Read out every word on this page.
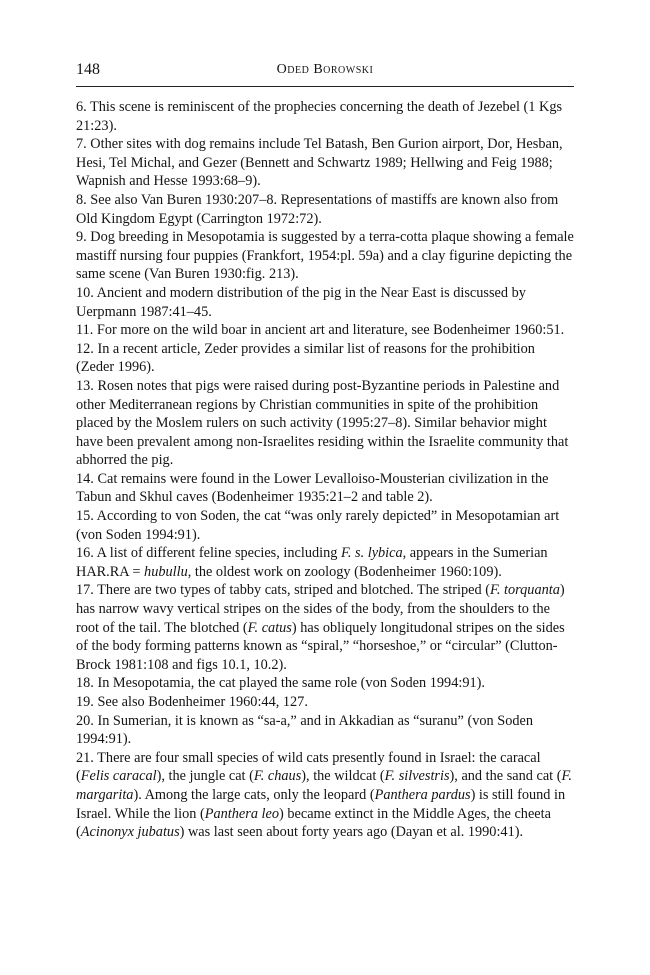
148	Oded Borowski

6. This scene is reminiscent of the prophecies concerning the death of Jezebel (1 Kgs 21:23).

7. Other sites with dog remains include Tel Batash, Ben Gurion airport, Dor, Hesban, Hesi, Tel Michal, and Gezer (Bennett and Schwartz 1989; Hellwing and Feig 1988; Wapnish and Hesse 1993:68–9).

8. See also Van Buren 1930:207–8. Representations of mastiffs are known also from Old Kingdom Egypt (Carrington 1972:72).

9. Dog breeding in Mesopotamia is suggested by a terra-cotta plaque showing a female mastiff nursing four puppies (Frankfort, 1954:pl. 59a) and a clay figurine depicting the same scene (Van Buren 1930:fig. 213).

10. Ancient and modern distribution of the pig in the Near East is discussed by Uerpmann 1987:41–45.

11. For more on the wild boar in ancient art and literature, see Bodenheimer 1960:51.

12. In a recent article, Zeder provides a similar list of reasons for the prohibition (Zeder 1996).

13. Rosen notes that pigs were raised during post-Byzantine periods in Palestine and other Mediterranean regions by Christian communities in spite of the prohibition placed by the Moslem rulers on such activity (1995:27–8). Similar behavior might have been prevalent among non-Israelites residing within the Israelite community that abhorred the pig.

14. Cat remains were found in the Lower Levalloiso-Mousterian civilization in the Tabun and Skhul caves (Bodenheimer 1935:21–2 and table 2).

15. According to von Soden, the cat “was only rarely depicted” in Mesopotamian art (von Soden 1994:91).

16. A list of different feline species, including F. s. lybica, appears in the Sumerian HAR.RA = hubullu, the oldest work on zoology (Bodenheimer 1960:109).

17. There are two types of tabby cats, striped and blotched. The striped (F. torquanta) has narrow wavy vertical stripes on the sides of the body, from the shoulders to the root of the tail. The blotched (F. catus) has obliquely longitudonal stripes on the sides of the body forming patterns known as “spiral,” “horseshoe,” or “circular” (Clutton-Brock 1981:108 and figs 10.1, 10.2).

18. In Mesopotamia, the cat played the same role (von Soden 1994:91).

19. See also Bodenheimer 1960:44, 127.

20. In Sumerian, it is known as “sa-a,” and in Akkadian as “suranu” (von Soden 1994:91).

21. There are four small species of wild cats presently found in Israel: the caracal (Felis caracal), the jungle cat (F. chaus), the wildcat (F. silvestris), and the sand cat (F. margarita). Among the large cats, only the leopard (Panthera pardus) is still found in Israel. While the lion (Panthera leo) became extinct in the Middle Ages, the cheeta (Acinonyx jubatus) was last seen about forty years ago (Dayan et al. 1990:41).
